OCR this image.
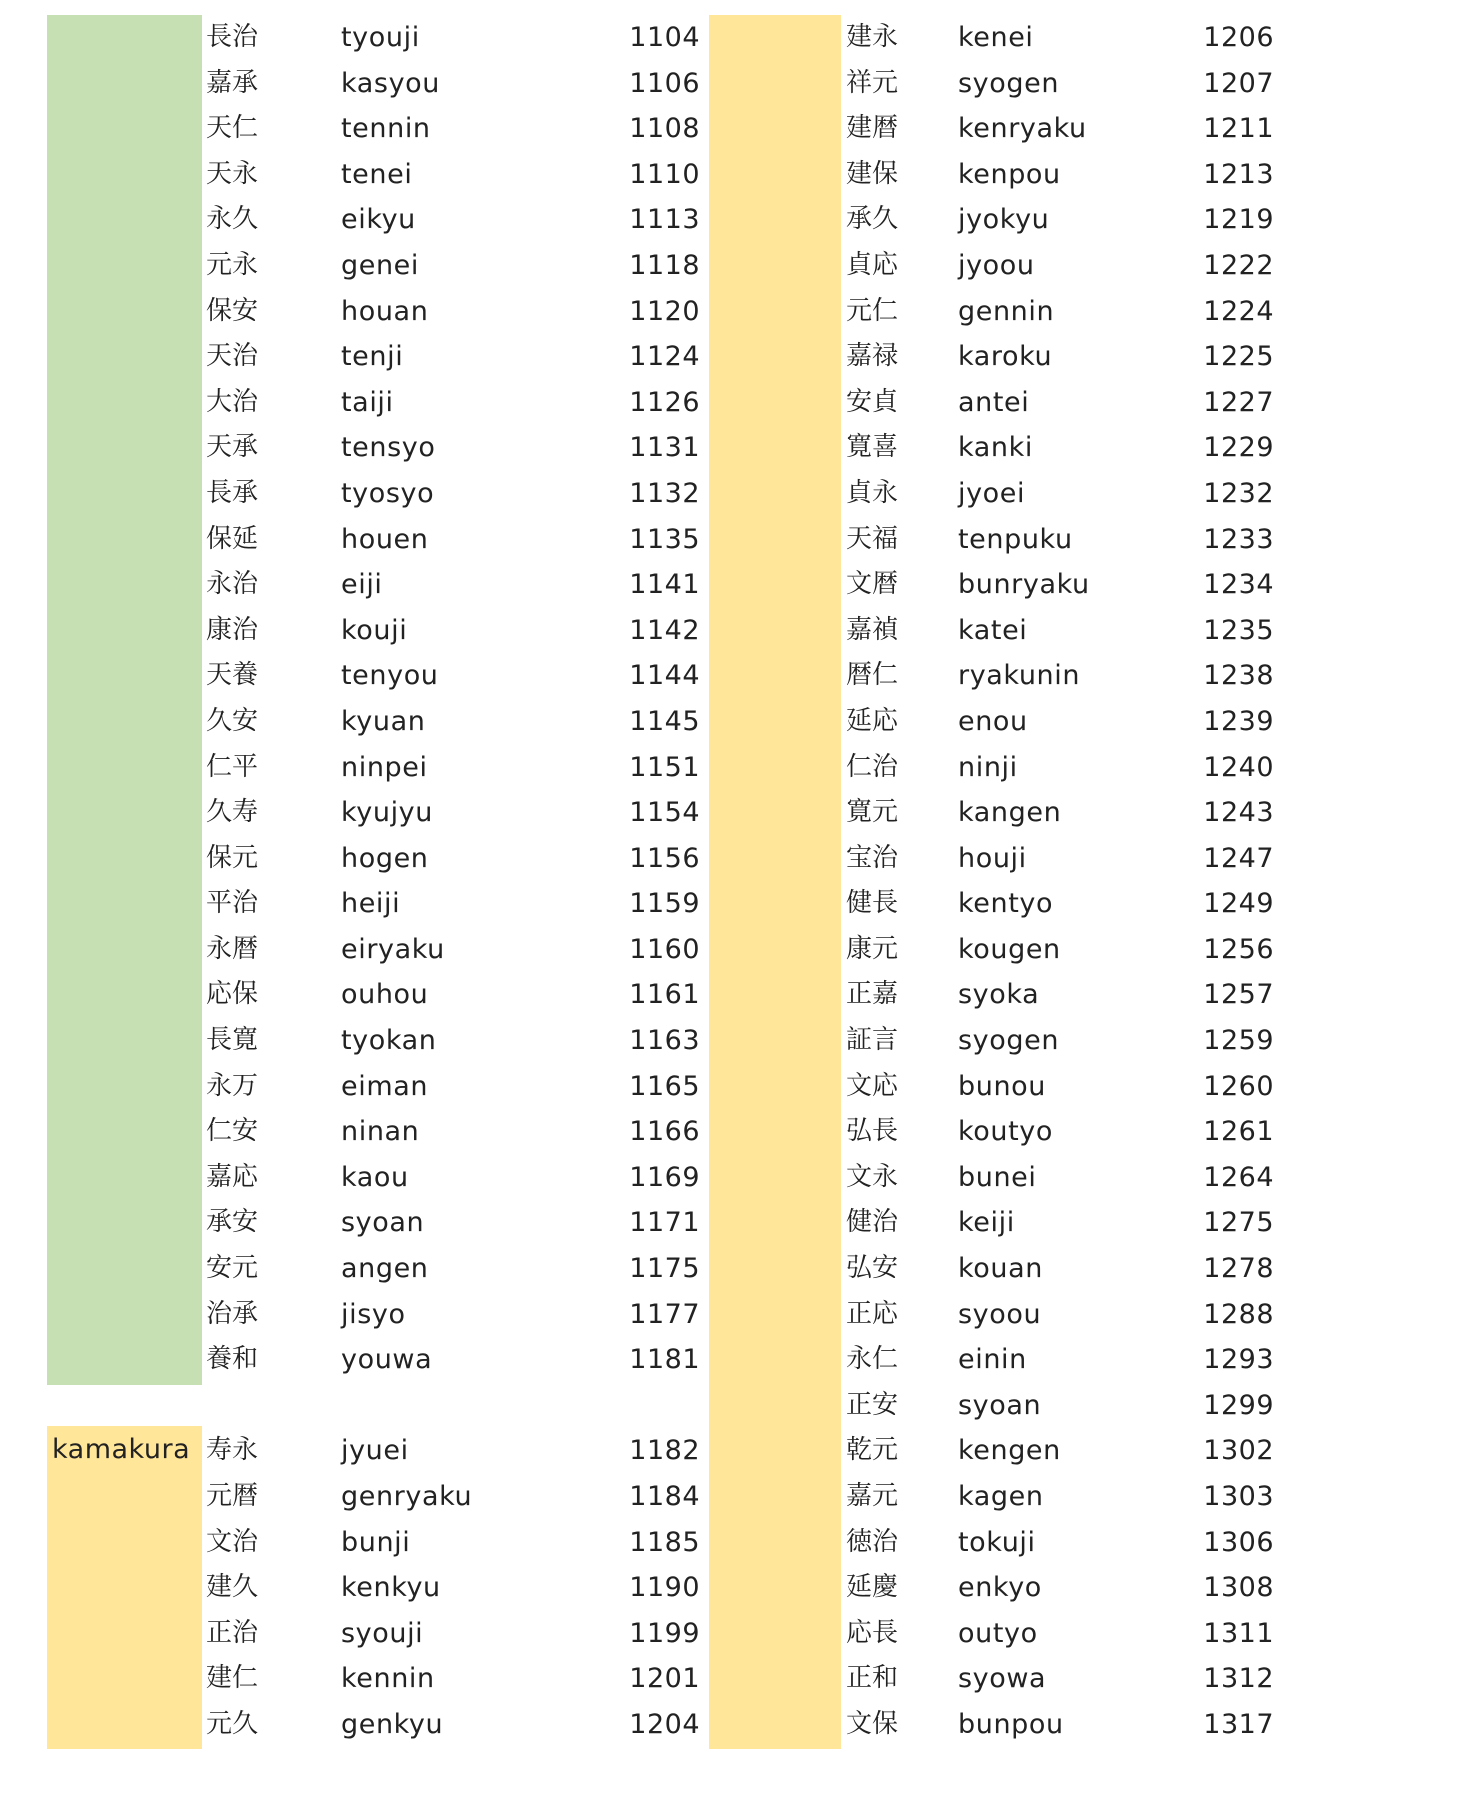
kamakura
長治	tyouji	1104
嘉承	kasyou	1106
天仁	tennin	1108
天永	tenei	1110
永久	eikyu	1113
元永	genei	1118
保安	houan	1120
天治	tenji	1124
大治	taiji	1126
天承	tensyo	1131
長承	tyosyo	1132
保延	houen	1135
永治	eiji	1141
康治	kouji	1142
天養	tenyou	1144
久安	kyuan	1145
仁平	ninpei	1151
久寿	kyujyu	1154
保元	hogen	1156
平治	heiji	1159
永暦	eiryaku	1160
応保	ouhou	1161
長寛	tyokan	1163
永万	eiman	1165
仁安	ninan	1166
嘉応	kaou	1169
承安	syoan	1171
安元	angen	1175
治承	jisyo	1177
養和	youwa	1181
寿永	jyuei	1182
元暦	genryaku	1184
文治	bunji	1185
建久	kenkyu	1190
正治	syouji	1199
建仁	kennin	1201
元久	genkyu	1204
建永 kenei	1206
祥元 syogen	1207
建暦 kenryaku	1211
建保 kenpou	1213
承久 jyokyu	1219
貞応 jyoou	1222
元仁 gennin	1224
嘉禄 karoku	1225
安貞 antei	1227
寛喜 kanki	1229
貞永 jyoei	1232
天福 tenpuku	1233
文暦 bunryaku	1234
嘉禎 katei	1235
暦仁 ryakunin	1238
延応 enou	1239
仁治 ninji	1240
寛元 kangen	1243
宝治 houji	1247
健長 kentyo	1249
康元 kougen	1256
正嘉 syoka	1257
証言 syogen	1259
文応 bunou	1260
弘長 koutyo	1261
文永 bunei	1264
健治 keiji	1275
弘安 kouan	1278
正応 syoou	1288
永仁 einin	1293
正安 syoan	1299
乾元 kengen	1302
嘉元 kagen	1303
徳治 tokuji	1306
延慶 enkyo	1308
応長 outyo	1311
正和 syowa	1312
文保 bunpou	1317
